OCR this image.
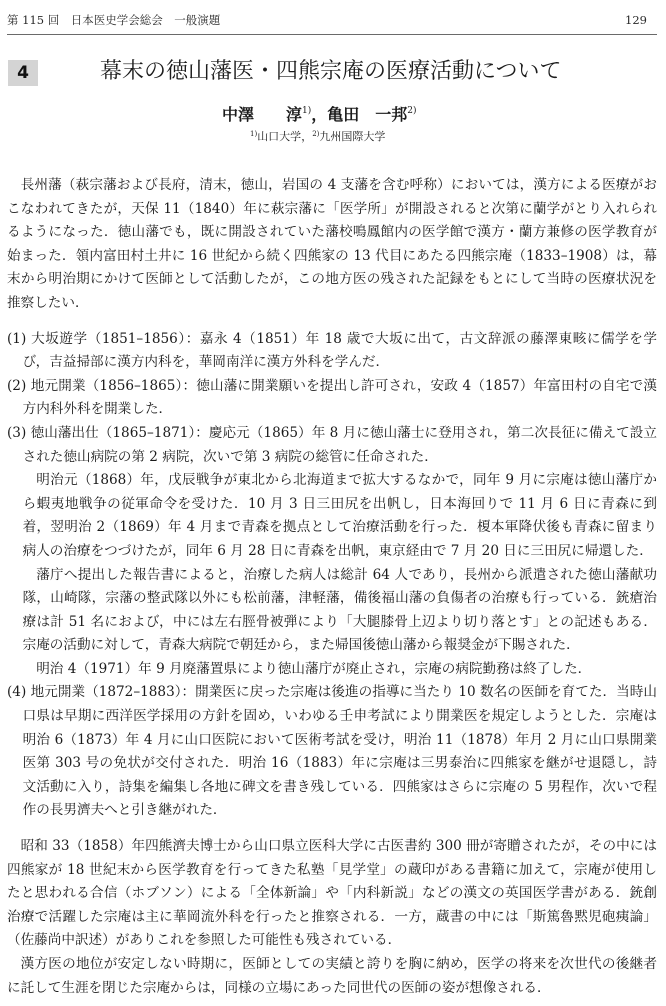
第 115 回　日本医史学会総会　一般演題	129
4	幕末の徳山藩医・四熊宗庵の医療活動について
中澤　　淳$^{1)}$，亀田　一邦$^{2)}$
$^{1)}$山口大学，$^{2)}$九州国際大学

長州藩（萩宗藩および長府，清末，徳山，岩国の 4 支藩を含む呼称）においては，漢方による医療がおこなわれてきたが，天保 11（1840）年に萩宗藩に「医学所」が開設されると次第に蘭学がとり入れられるようになった．徳山藩でも，既に開設されていた藩校鳴鳳館内の医学館で漢方・蘭方兼修の医学教育が始まった．領内富田村土井に 16 世紀から続く四熊家の 13 代目にあたる四熊宗庵（1833–1908）は，幕末から明治期にかけて医師として活動したが，この地方医の残された記録をもとにして当時の医療状況を推察したい．

(1) 大坂遊学（1851–1856）：嘉永 4（1851）年 18 歳で大坂に出て，古文辞派の藤澤東畡に儒学を学び，吉益掃部に漢方内科を，華岡南洋に漢方外科を学んだ．

(2) 地元開業（1856–1865）：徳山藩に開業願いを提出し許可され，安政 4（1857）年富田村の自宅で漢方内科外科を開業した．

(3) 徳山藩出仕（1865–1871）：慶応元（1865）年 8 月に徳山藩士に登用され，第二次長征に備えて設立された徳山病院の第 2 病院，次いで第 3 病院の総管に任命された．

明治元（1868）年，戊辰戦争が東北から北海道まで拡大するなかで，同年 9 月に宗庵は徳山藩庁から蝦夷地戦争の従軍命令を受けた．10 月 3 日三田尻を出帆し，日本海回りで 11 月 6 日に青森に到着，翌明治 2（1869）年 4 月まで青森を拠点として治療活動を行った．榎本軍降伏後も青森に留まり病人の治療をつづけたが，同年 6 月 28 日に青森を出帆，東京経由で 7 月 20 日に三田尻に帰還した．

藩庁へ提出した報告書によると，治療した病人は総計 64 人であり，長州から派遣された徳山藩献功隊，山崎隊，宗藩の整武隊以外にも松前藩，津軽藩，備後福山藩の負傷者の治療も行っている．銃瘡治療は計 51 名におよび，中には左右脛骨被弾により「大腿膝骨上辺より切り落とす」との記述もある．宗庵の活動に対して，青森大病院で朝廷から，また帰国後徳山藩から報奨金が下賜された．

明治 4（1971）年 9 月廃藩置県により徳山藩庁が廃止され，宗庵の病院勤務は終了した．

(4) 地元開業（1872–1883）：開業医に戻った宗庵は後進の指導に当たり 10 数名の医師を育てた．当時山口県は早期に西洋医学採用の方針を固め，いわゆる壬申考試により開業医を規定しようとした．宗庵は明治 6（1873）年 4 月に山口医院において医術考試を受け，明治 11（1878）年月 2 月に山口県開業医第 303 号の免状が交付された．明治 16（1883）年に宗庵は三男泰治に四熊家を継がせ退隠し，詩文活動に入り，詩集を編集し各地に碑文を書き残している．四熊家はさらに宗庵の 5 男程作，次いで程作の長男濟夫へと引き継がれた．

昭和 33（1858）年四熊濟夫博士から山口県立医科大学に古医書約 300 冊が寄贈されたが，その中には四熊家が 18 世紀末から医学教育を行ってきた私塾「見学堂」の蔵印がある書籍に加えて，宗庵が使用したと思われる合信（ホブソン）による「全体新論」や「内科新説」などの漢文の英国医学書がある．銃創治療で活躍した宗庵は主に華岡流外科を行ったと推察される．一方，蔵書の中には「斯篤魯黙児砲痍論」（佐藤尚中訳述）がありこれを参照した可能性も残されている．

漢方医の地位が安定しない時期に，医師としての実績と誇りを胸に納め，医学の将来を次世代の後継者に託して生涯を閉じた宗庵からは，同様の立場にあった同世代の医師の姿が想像される．
